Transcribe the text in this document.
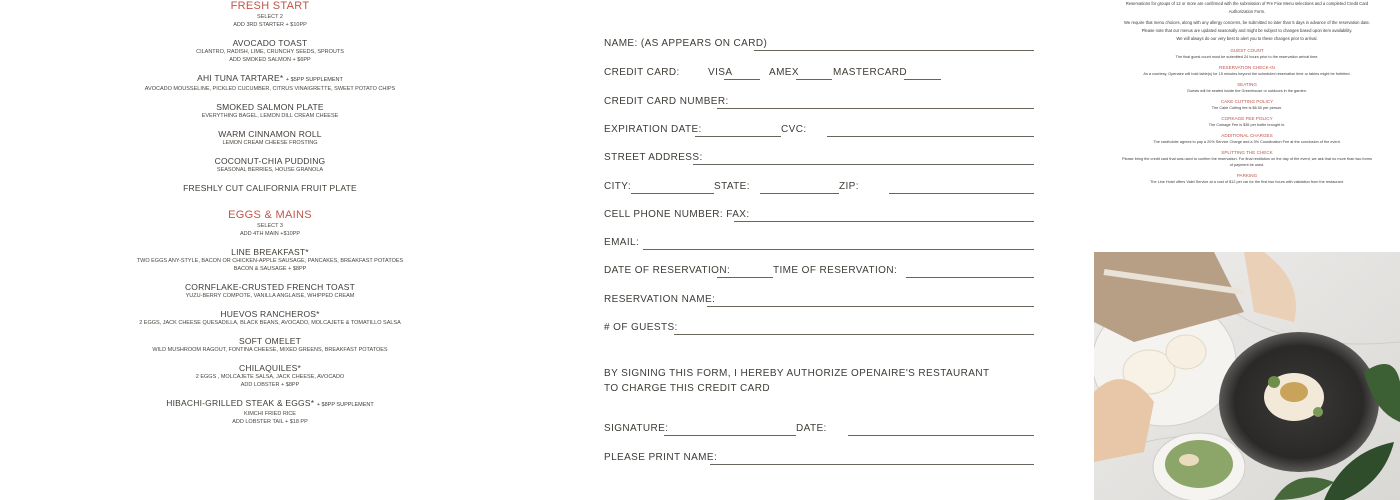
FRESH START
SELECT 2
ADD 3RD STARTER + $10PP
AVOCADO TOAST
CILANTRO, RADISH, LIME, CRUNCHY SEEDS, SPROUTS
ADD SMOKED SALMON + $6PP
AHI TUNA TARTARE* + $5PP SUPPLEMENT
AVOCADO MOUSSELINE, PICKLED CUCUMBER, CITRUS VINAIGRETTE, SWEET POTATO CHIPS
SMOKED SALMON PLATE
EVERYTHING BAGEL, LEMON DILL CREAM CHEESE
WARM CINNAMON ROLL
LEMON CREAM CHEESE FROSTING
COCONUT-CHIA PUDDING
SEASONAL BERRIES, HOUSE GRANOLA
FRESHLY CUT CALIFORNIA FRUIT PLATE
EGGS & MAINS
SELECT 3
ADD 4TH MAIN +$10PP
LINE BREAKFAST*
TWO EGGS ANY-STYLE, BACON OR CHICKEN-APPLE SAUSAGE, PANCAKES, BREAKFAST POTATOES
BACON & SAUSAGE + $8PP
CORNFLAKE-CRUSTED FRENCH TOAST
YUZU-BERRY COMPOTE, VANILLA ANGLAISE, WHIPPED CREAM
HUEVOS RANCHEROS*
2 EGGS, JACK CHEESE QUESADILLA, BLACK BEANS, AVOCADO, MOLCAJETE & TOMATILLO SALSA
SOFT OMELET
WILD MUSHROOM RAGOUT, FONTINA CHEESE, MIXED GREENS, BREAKFAST POTATOES
CHILAQUILES*
2 EGGS , MOLCAJETE SALSA, JACK CHEESE, AVOCADO
ADD LOBSTER + $8PP
HIBACHI-GRILLED STEAK & EGGS* + $8PP SUPPLEMENT
KIMCHI FRIED RICE
ADD LOBSTER TAIL + $18 PP
NAME: (AS APPEARS ON CARD)
CREDIT CARD:	VISA	AMEX	MASTERCARD
CREDIT CARD NUMBER:
EXPIRATION DATE:	CVC:
STREET ADDRESS:
CITY:	STATE:	ZIP:
CELL PHONE NUMBER: FAX:
EMAIL:
DATE OF RESERVATION:	TIME OF RESERVATION:
RESERVATION NAME:
# OF GUESTS:
BY SIGNING THIS FORM, I HEREBY AUTHORIZE OPENAIRE'S RESTAURANT TO CHARGE THIS CREDIT CARD
SIGNATURE:	DATE:
PLEASE PRINT NAME:
Reservations for groups of 12 or more are confirmed with the submission of Pre Fixe Menu selections and a completed Credit Card Authorization Form.
We require that menu choices, along with any allergy concerns, be submitted no later than 5 days in advance of the reservation date. Please note that our menus are updated seasonally and might be subject to changes based upon item availability.
We will always do our very best to alert you to these changes prior to arrival.
GUEST COUNT
The final guest count must be submitted 24 hours prior to the reservation arrival time.
RESERVATION CHECK-IN
As a courtesy, Openaire will hold table(s) for 15 minutes beyond the scheduled reservation time or tables might be forfeited.
SEATING
Guests will be seated inside the Greenhouse or outdoors in the garden.
CAKE CUTTING POLICY
The Cake Cutting fee is $6.50 per person.
CORKAGE FEE POLICY
The Corkage Fee is $35 per bottle brought in.
ADDITIONAL CHARGES
The cardholder agrees to pay a 20% Service Charge and a 3% Coordination Fee at the conclusion of the event.
SPLITTING THE CHECK
Please bring the credit card that was used to confirm the reservation. For final restitution on the day of the event, we ask that no more than two forms of payment be used.
PARKING
The Line Hotel offers Valet Service at a cost of $12 per car for the first two hours with validation from the restaurant.
